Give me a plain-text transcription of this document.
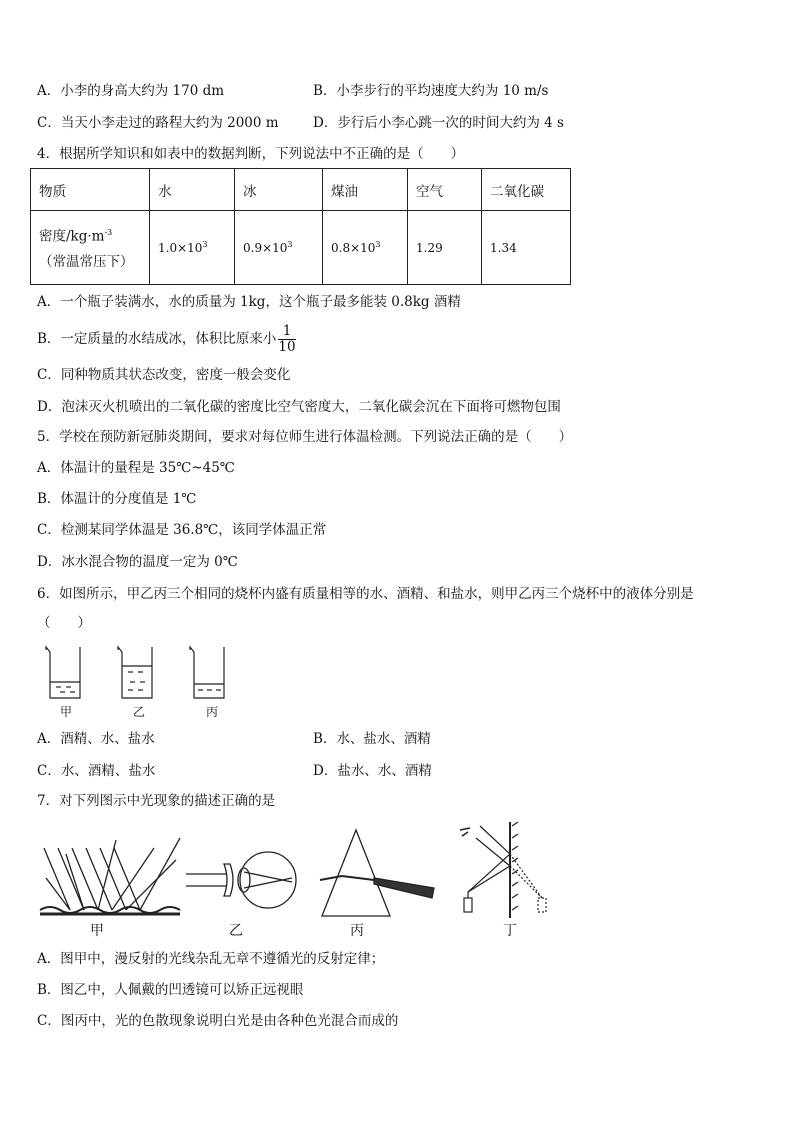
A．小李的身高大约为 170 dm	B．小李步行的平均速度大约为 10 m/s
C．当天小李走过的路程大约为 2000 m	D．步行后小李心跳一次的时间大约为 4 s
4．根据所学知识和如表中的数据判断，下列说法中不正确的是（　　）
物质	水	冰	煤油	空气	二氧化碳
密度$/kg\cdot m^{-3}$
（常温常压下）	$1.0\times 10^3$	$0.9\times 10^3$	$0.8\times 10^3$	1.29	1.34
A．一个瓶子装满水，水的质量为 1kg，这个瓶子最多能装 0.8kg 酒精
B．一定质量的水结成冰，体积比原来小 $\frac{1}{10}$
C．同种物质其状态改变，密度一般会变化
D．泡沫灭火机喷出的二氧化碳的密度比空气密度大，二氧化碳会沉在下面将可燃物包围
5．学校在预防新冠肺炎期间，要求对每位师生进行体温检测。下列说法正确的是（　　）
A．体温计的量程是 35℃~45℃
B．体温计的分度值是 1℃
C．检测某同学体温是 36.8℃，该同学体温正常
D．冰水混合物的温度一定为 0℃
6．如图所示，甲乙丙三个相同的烧杯内盛有质量相等的水、酒精、和盐水，则甲乙丙三个烧杯中的液体分别是
（　　）
甲	乙	丙
A．酒精、水、盐水	B．水、盐水、酒精
C．水、酒精、盐水	D．盐水、水、酒精
7．对下列图示中光现象的描述正确的是
甲	乙	丙	丁
A．图甲中，漫反射的光线杂乱无章不遵循光的反射定律；
B．图乙中，人佩戴的凹透镜可以矫正远视眼
C．图丙中，光的色散现象说明白光是由各种色光混合而成的
